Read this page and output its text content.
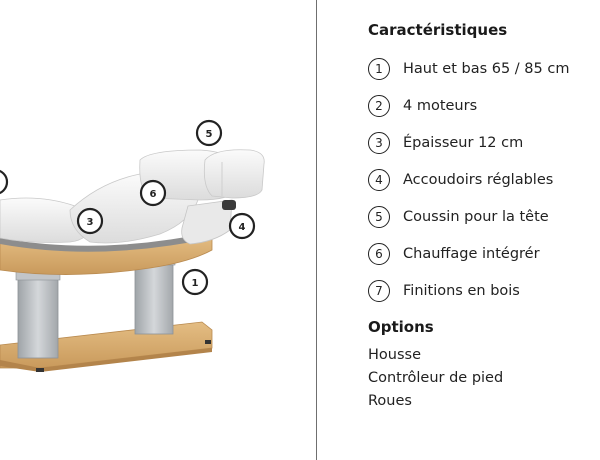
5
6
3	4
1
Caractéristiques
1	Haut et bas 65 / 85 cm
2	4 moteurs
3	Épaisseur 12 cm
4	Accoudoirs réglables
5	Coussin pour la tête
6	Chauffage intégrér
7	Finitions en bois
Options
Housse
Contrôleur de pied
Roues
